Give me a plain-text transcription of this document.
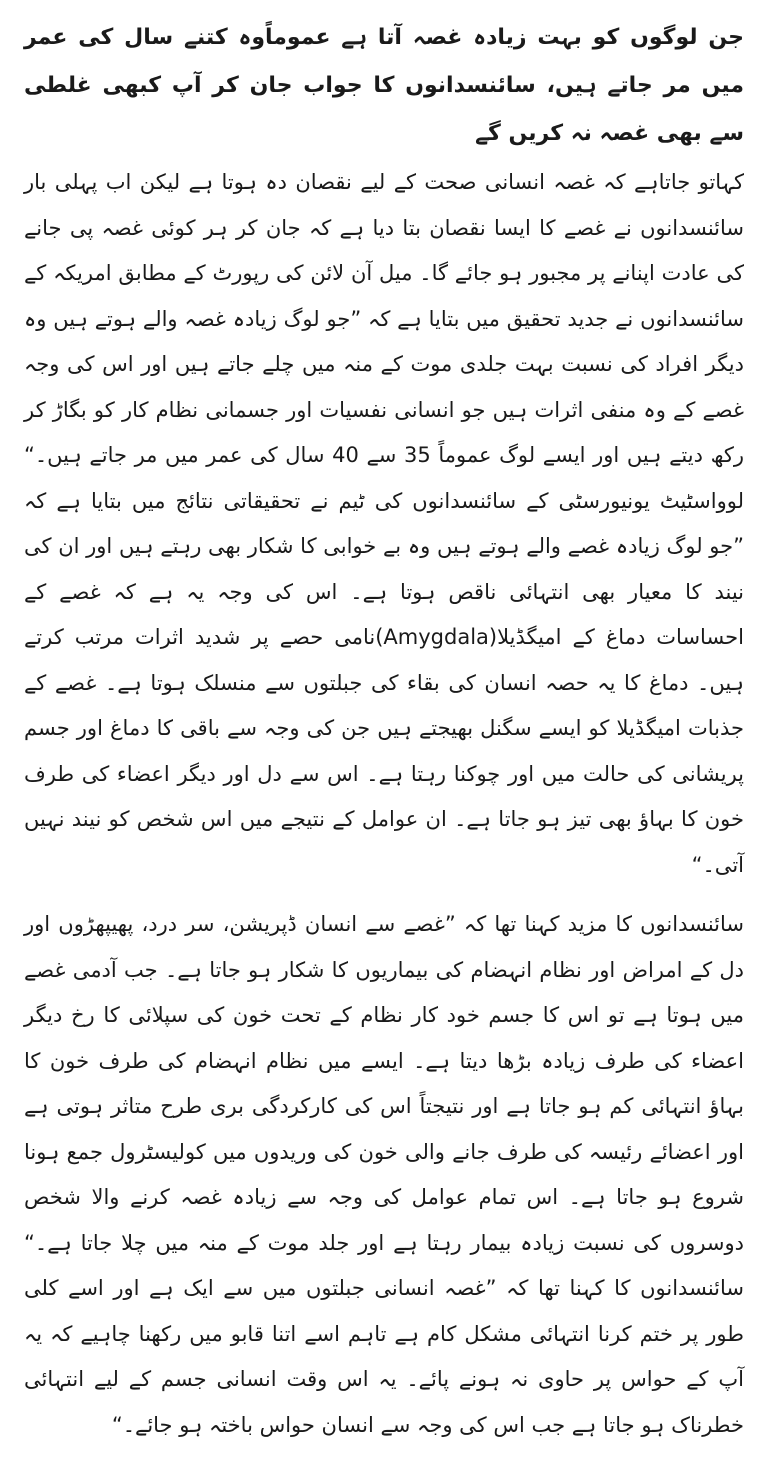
جن لوگوں کو بہت زیادہ غصہ آتا ہے عموماًوہ کتنے سال کی عمر میں مر جاتے ہیں، سائنسدانوں کا جواب جان کر آپ کبھی غلطی سے بھی غصہ نہ کریں گے

کہاتو جاتاہے کہ غصہ انسانی صحت کے لیے نقصان دہ ہوتا ہے لیکن اب پہلی بار سائنسدانوں نے غصے کا ایسا نقصان بتا دیا ہے کہ جان کر ہر کوئی غصہ پی جانے کی عادت اپنانے پر مجبور ہو جائے گا۔ میل آن لائن کی رپورٹ کے مطابق امریکہ کے سائنسدانوں نے جدید تحقیق میں بتایا ہے کہ ”جو لوگ زیادہ غصہ والے ہوتے ہیں وہ دیگر افراد کی نسبت بہت جلدی موت کے منہ میں چلے جاتے ہیں اور اس کی وجہ غصے کے وہ منفی اثرات ہیں جو انسانی نفسیات اور جسمانی نظام کار کو بگاڑ کر رکھ دیتے ہیں اور ایسے لوگ عموماً 35 سے 40 سال کی عمر میں مر جاتے ہیں۔“ لوواسٹیٹ یونیورسٹی کے سائنسدانوں کی ٹیم نے تحقیقاتی نتائج میں بتایا ہے کہ ”جو لوگ زیادہ غصے والے ہوتے ہیں وہ بے خوابی کا شکار بھی رہتے ہیں اور ان کی نیند کا معیار بھی انتہائی ناقص ہوتا ہے۔ اس کی وجہ یہ ہے کہ غصے کے احساسات دماغ کے امیگڈیلا(Amygdala)نامی حصے پر شدید اثرات مرتب کرتے ہیں۔ دماغ کا یہ حصہ انسان کی بقاء کی جبلتوں سے منسلک ہوتا ہے۔ غصے کے جذبات امیگڈیلا کو ایسے سگنل بھیجتے ہیں جن کی وجہ سے باقی کا دماغ اور جسم پریشانی کی حالت میں اور چوکنا رہتا ہے۔ اس سے دل اور دیگر اعضاء کی طرف خون کا بہاؤ بھی تیز ہو جاتا ہے۔ ان عوامل کے نتیجے میں اس شخص کو نیند نہیں آتی۔“

سائنسدانوں کا مزید کہنا تھا کہ ”غصے سے انسان ڈپریشن، سر درد، پھیپھڑوں اور دل کے امراض اور نظام انہضام کی بیماریوں کا شکار ہو جاتا ہے۔ جب آدمی غصے میں ہوتا ہے تو اس کا جسم خود کار نظام کے تحت خون کی سپلائی کا رخ دیگر اعضاء کی طرف زیادہ بڑھا دیتا ہے۔ ایسے میں نظام انہضام کی طرف خون کا بہاؤ انتہائی کم ہو جاتا ہے اور نتیجتاً اس کی کارکردگی بری طرح متاثر ہوتی ہے اور اعضائے رئیسہ کی طرف جانے والی خون کی وریدوں میں کولیسٹرول جمع ہونا شروع ہو جاتا ہے۔ اس تمام عوامل کی وجہ سے زیادہ غصہ کرنے والا شخص دوسروں کی نسبت زیادہ بیمار رہتا ہے اور جلد موت کے منہ میں چلا جاتا ہے۔“ سائنسدانوں کا کہنا تھا کہ ”غصہ انسانی جبلتوں میں سے ایک ہے اور اسے کلی طور پر ختم کرنا انتہائی مشکل کام ہے تاہم اسے اتنا قابو میں رکھنا چاہیے کہ یہ آپ کے حواس پر حاوی نہ ہونے پائے۔ یہ اس وقت انسانی جسم کے لیے انتہائی خطرناک ہو جاتا ہے جب اس کی وجہ سے انسان حواس باختہ ہو جائے۔“
